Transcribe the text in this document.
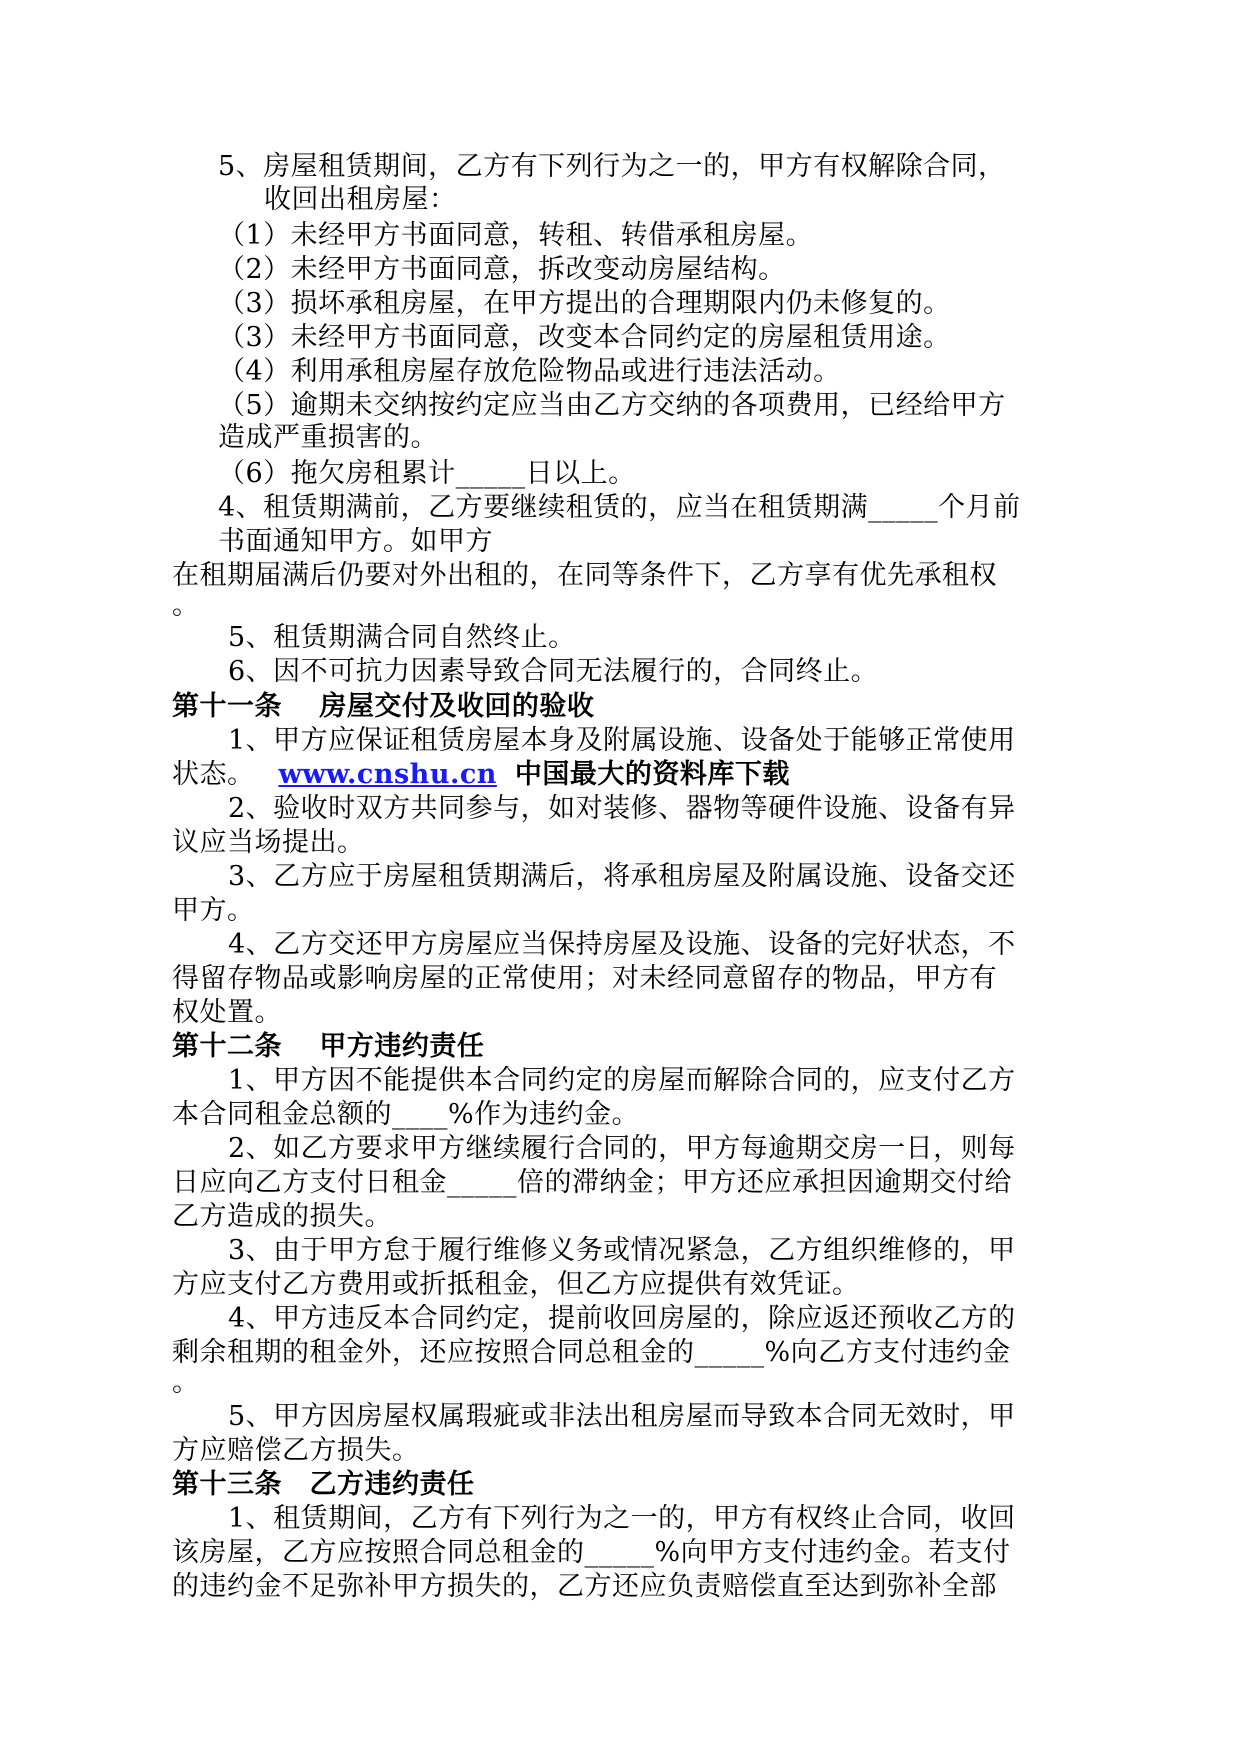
5、房屋租赁期间，乙方有下列行为之一的，甲方有权解除合同，
收回出租房屋：
（1）未经甲方书面同意，转租、转借承租房屋。
（2）未经甲方书面同意，拆改变动房屋结构。
（3）损坏承租房屋，在甲方提出的合理期限内仍未修复的。
（3）未经甲方书面同意，改变本合同约定的房屋租赁用途。
（4）利用承租房屋存放危险物品或进行违法活动。
（5）逾期未交纳按约定应当由乙方交纳的各项费用，已经给甲方
造成严重损害的。
（6）拖欠房租累计_____日以上。
4、租赁期满前，乙方要继续租赁的，应当在租赁期满_____个月前
书面通知甲方。如甲方
在租期届满后仍要对外出租的，在同等条件下，乙方享有优先承租权
。
5、租赁期满合同自然终止。
6、因不可抗力因素导致合同无法履行的，合同终止。
第十一条　 房屋交付及收回的验收
1、甲方应保证租赁房屋本身及附属设施、设备处于能够正常使用
状态。 www.cnshu.cn 中国最大的资料库下载
2、验收时双方共同参与，如对装修、器物等硬件设施、设备有异
议应当场提出。
3、乙方应于房屋租赁期满后，将承租房屋及附属设施、设备交还
甲方。
4、乙方交还甲方房屋应当保持房屋及设施、设备的完好状态，不
得留存物品或影响房屋的正常使用；对未经同意留存的物品，甲方有
权处置。
第十二条　 甲方违约责任
1、甲方因不能提供本合同约定的房屋而解除合同的，应支付乙方
本合同租金总额的____%作为违约金。
2、如乙方要求甲方继续履行合同的，甲方每逾期交房一日，则每
日应向乙方支付日租金_____倍的滞纳金；甲方还应承担因逾期交付给
乙方造成的损失。
3、由于甲方怠于履行维修义务或情况紧急，乙方组织维修的，甲
方应支付乙方费用或折抵租金，但乙方应提供有效凭证。
4、甲方违反本合同约定，提前收回房屋的，除应返还预收乙方的
剩余租期的租金外，还应按照合同总租金的_____%向乙方支付违约金
。
5、甲方因房屋权属瑕疵或非法出租房屋而导致本合同无效时，甲
方应赔偿乙方损失。
第十三条　乙方违约责任
1、租赁期间，乙方有下列行为之一的，甲方有权终止合同，收回
该房屋，乙方应按照合同总租金的_____%向甲方支付违约金。若支付
的违约金不足弥补甲方损失的，乙方还应负责赔偿直至达到弥补全部
